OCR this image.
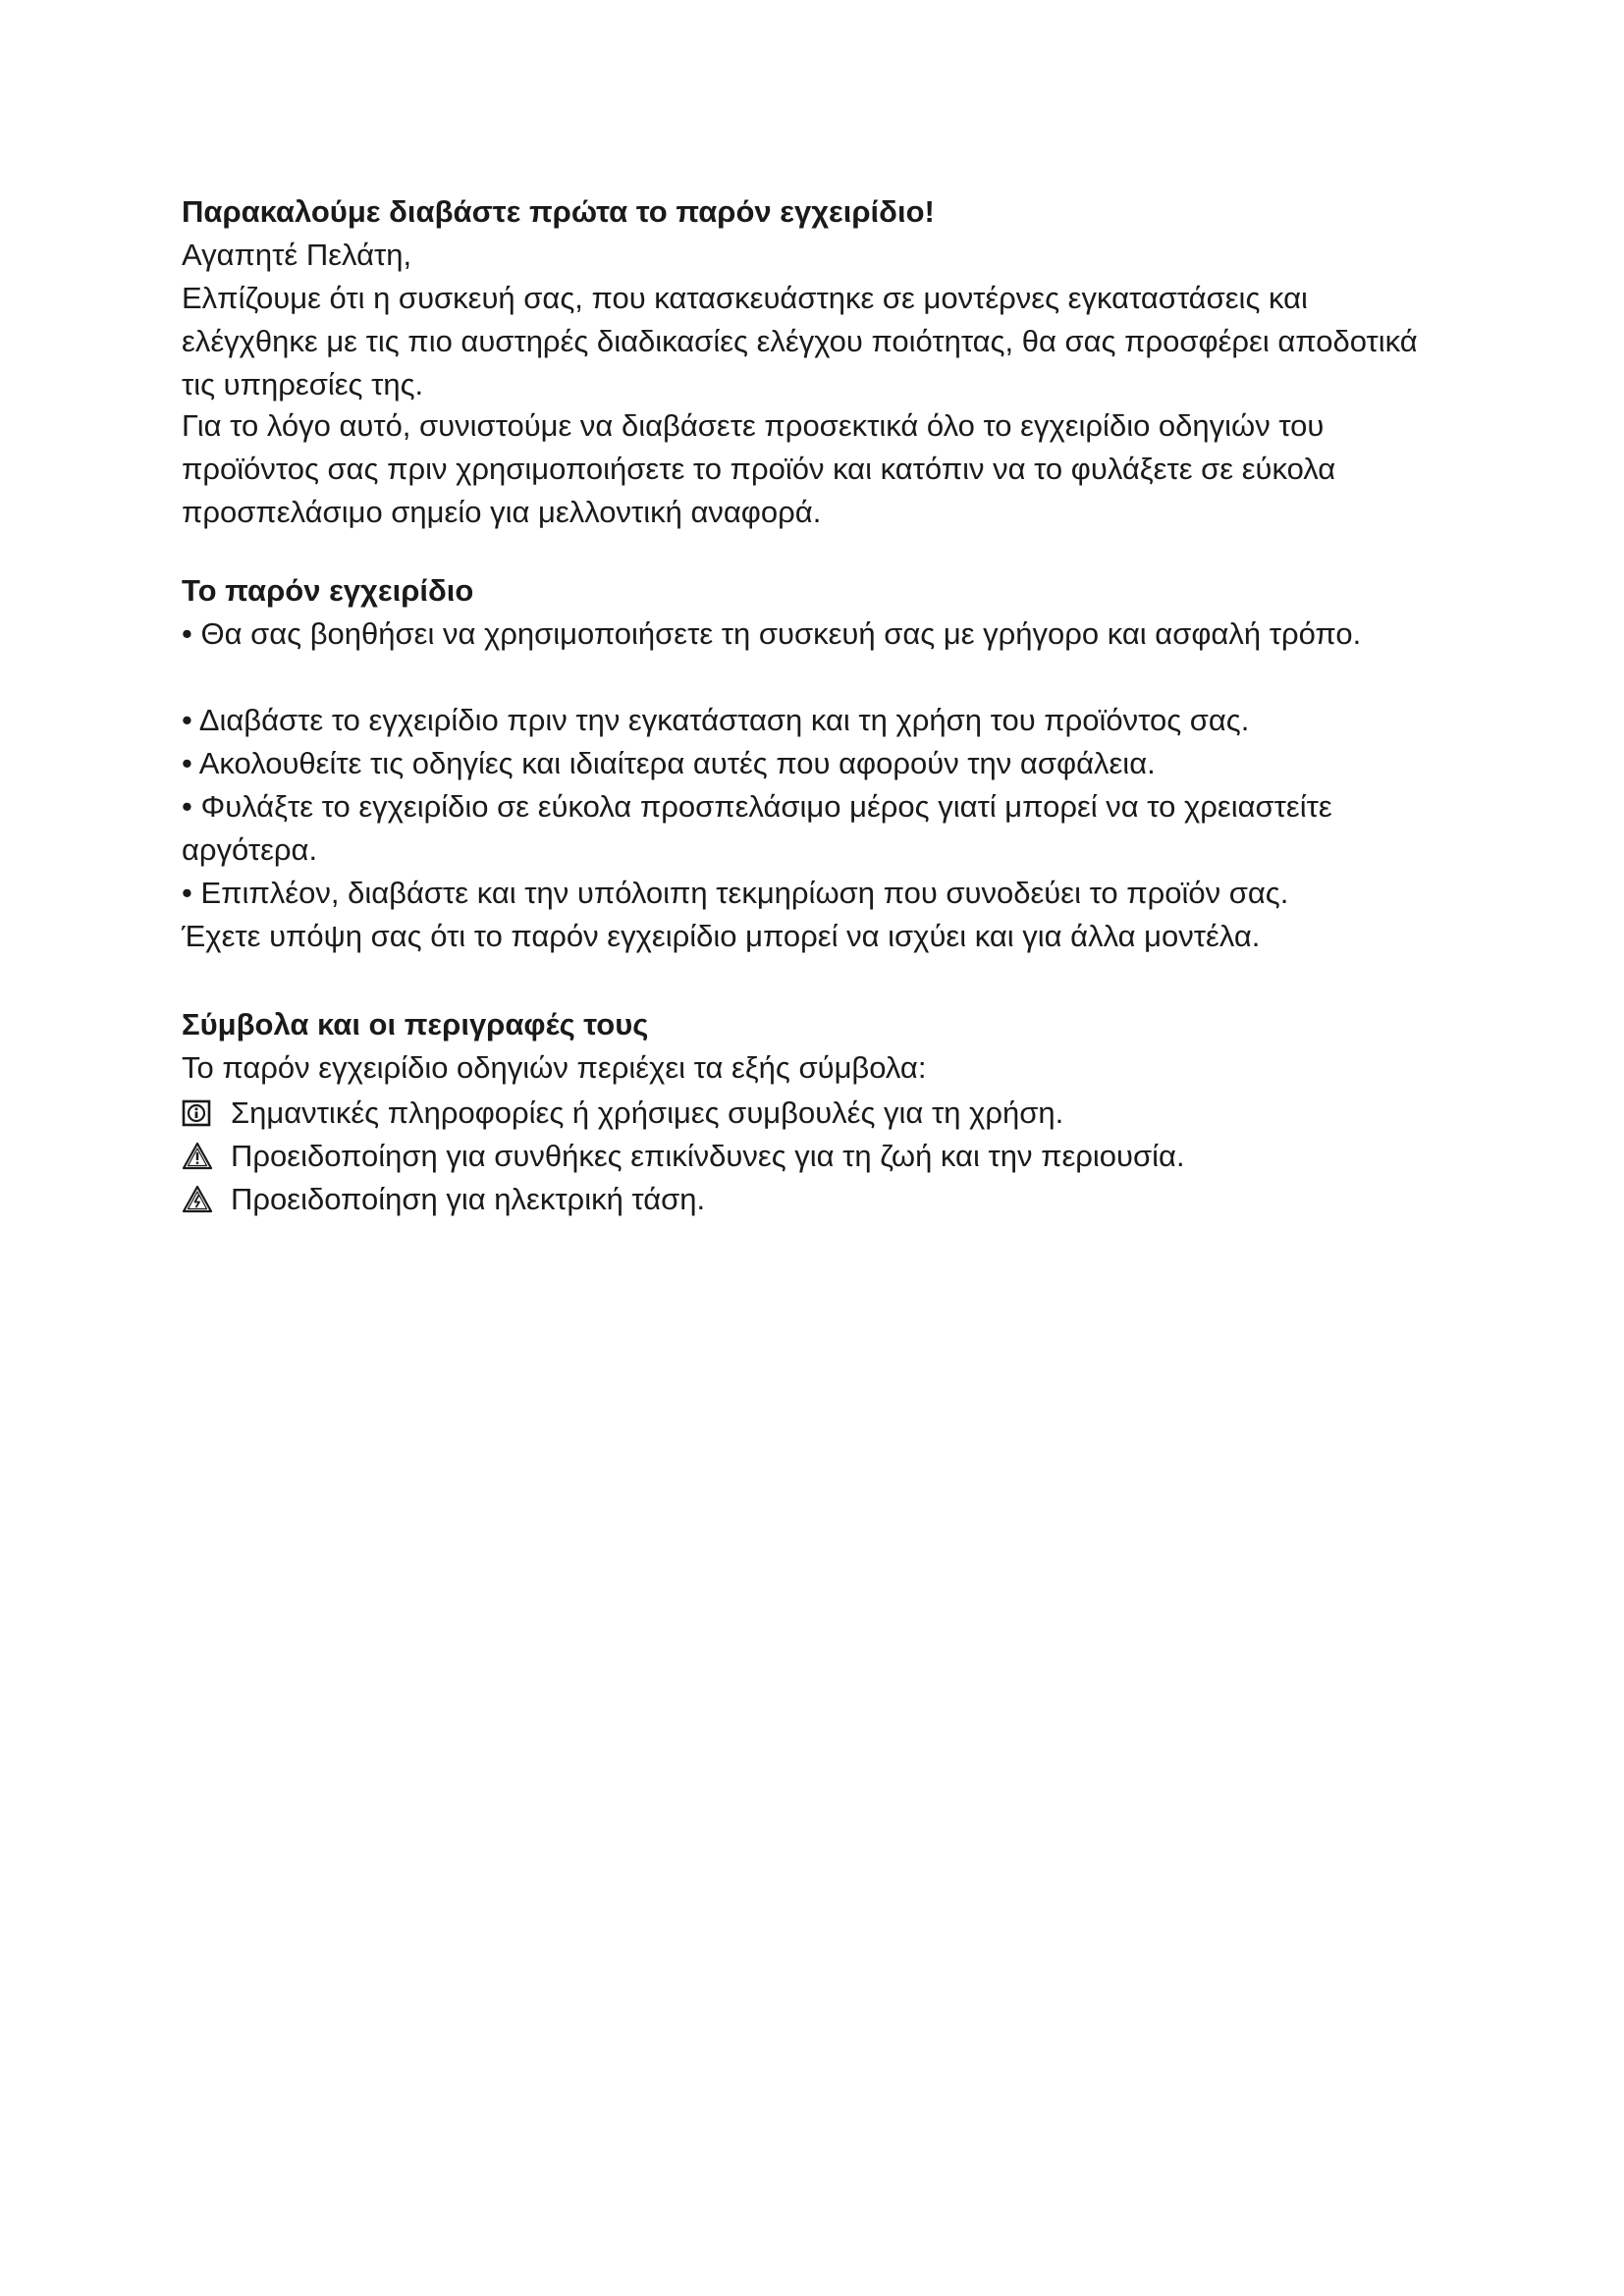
Παρακαλούμε διαβάστε πρώτα το παρόν εγχειρίδιο!

Αγαπητέ Πελάτη,

Ελπίζουμε ότι η συσκευή σας, που κατασκευάστηκε σε μοντέρνες εγκαταστάσεις και ελέγχθηκε με τις πιο αυστηρές διαδικασίες ελέγχου ποιότητας, θα σας προσφέρει αποδοτικά τις υπηρεσίες της.

Για το λόγο αυτό, συνιστούμε να διαβάσετε προσεκτικά όλο το εγχειρίδιο οδηγιών του προϊόντος σας πριν χρησιμοποιήσετε το προϊόν και κατόπιν να το φυλάξετε σε εύκολα προσπελάσιμο σημείο για μελλοντική αναφορά.

Το παρόν εγχειρίδιο

• Θα σας βοηθήσει να χρησιμοποιήσετε τη συσκευή σας με γρήγορο και ασφαλή τρόπο.

• Διαβάστε το εγχειρίδιο πριν την εγκατάσταση και τη χρήση του προϊόντος σας.

• Ακολουθείτε τις οδηγίες και ιδιαίτερα αυτές που αφορούν την ασφάλεια.

• Φυλάξτε το εγχειρίδιο σε εύκολα προσπελάσιμο μέρος γιατί μπορεί να το χρειαστείτε αργότερα.

• Επιπλέον, διαβάστε και την υπόλοιπη τεκμηρίωση που συνοδεύει το προϊόν σας.

Έχετε υπόψη σας ότι το παρόν εγχειρίδιο μπορεί να ισχύει και για άλλα μοντέλα.

Σύμβολα και οι περιγραφές τους

Το παρόν εγχειρίδιο οδηγιών περιέχει τα εξής σύμβολα:

Σημαντικές πληροφορίες ή χρήσιμες συμβουλές για τη χρήση.
Προειδοποίηση για συνθήκες επικίνδυνες για τη ζωή και την περιουσία.
Προειδοποίηση για ηλεκτρική τάση.
